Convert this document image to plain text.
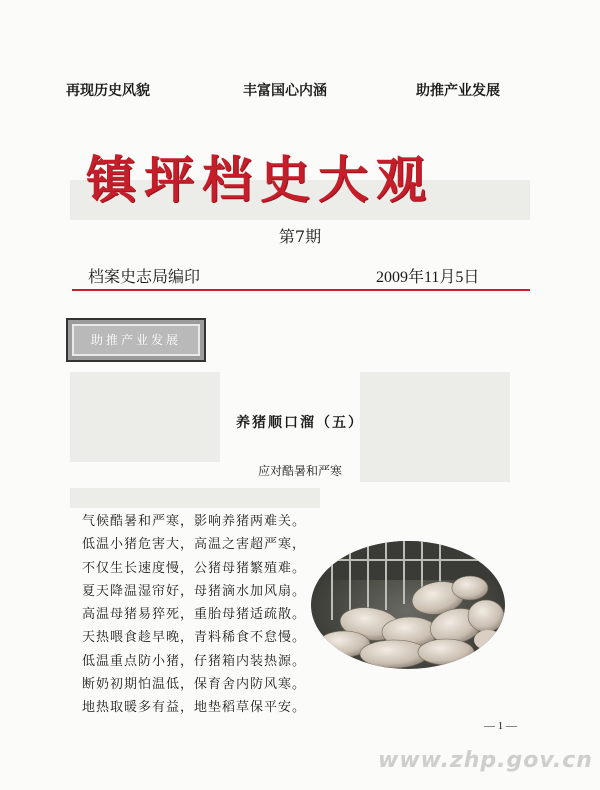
再现历史风貌	丰富国心内涵	助推产业发展
镇坪档史大观
第7期
档案史志局编印	2009年11月5日
助推产业发展
养猪顺口溜（五）
应对酷暑和严寒
气候酷暑和严寒，影响养猪两难关。
低温小猪危害大，高温之害超严寒，
不仅生长速度慢，公猪母猪繁殖难。
夏天降温湿帘好，母猪滴水加风扇。
高温母猪易猝死，重胎母猪适疏散。
天热喂食趁早晚，青料稀食不怠慢。
低温重点防小猪，仔猪箱内装热源。
断奶初期怕温低，保育舍内防风寒。
地热取暖多有益，地垫稻草保平安。
— 1 —
www.zhp.gov.cn
